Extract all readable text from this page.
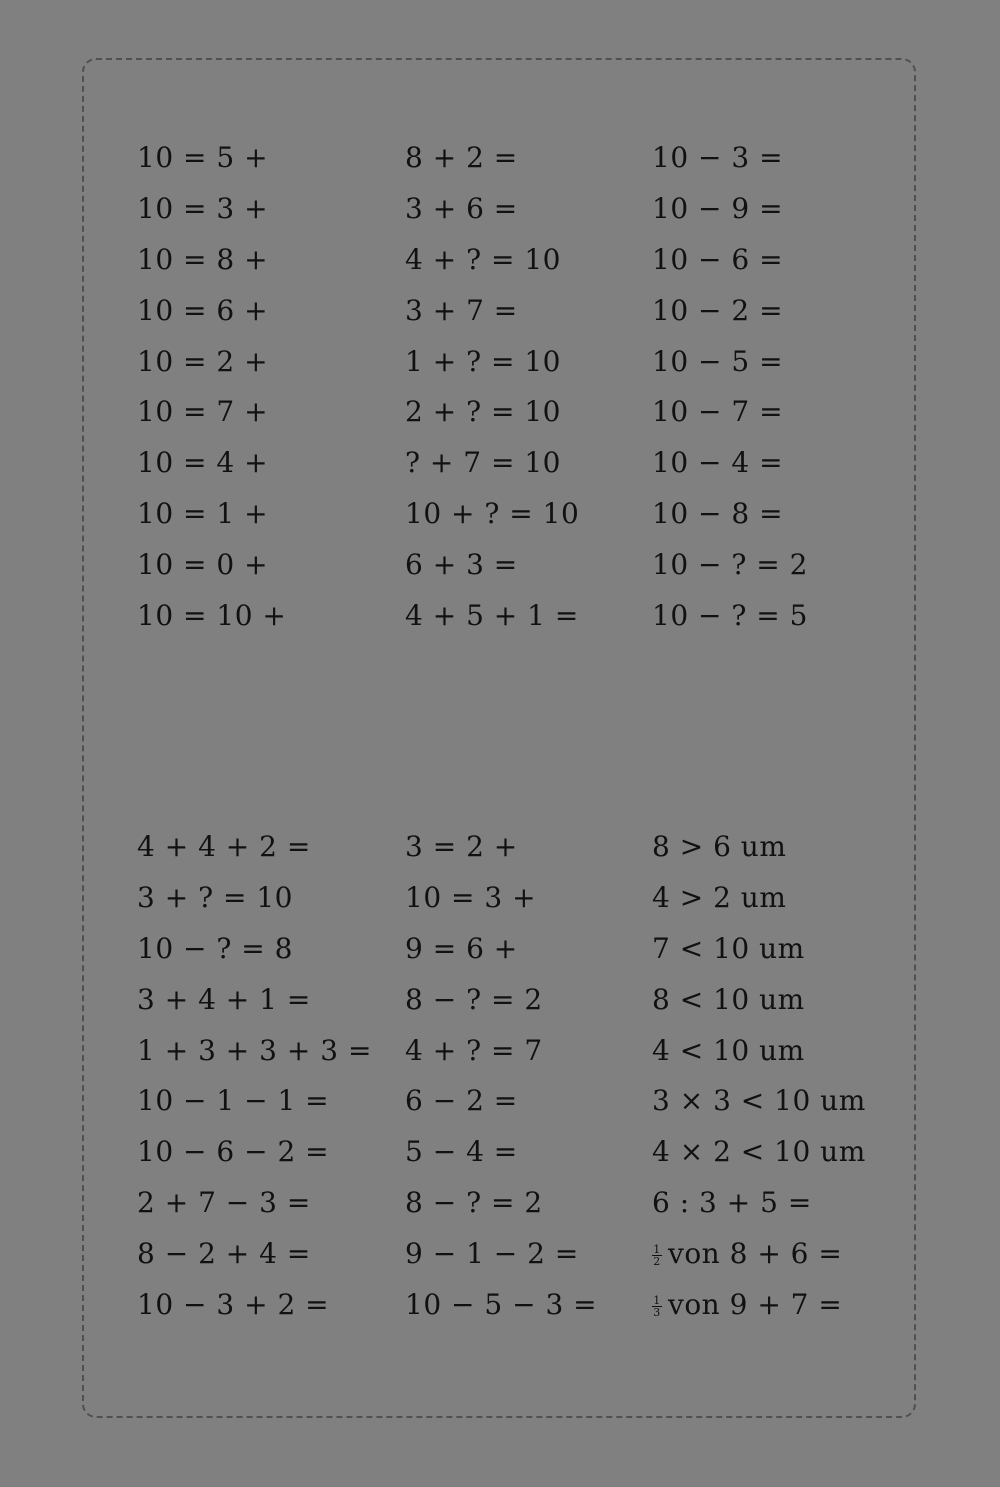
10 = 5 +
10 = 3 +
10 = 8 +
10 = 6 +
10 = 2 +
10 = 7 +
10 = 4 +
10 = 1 +
10 = 0 +
10 = 10 +
8 + 2 =
3 + 6 =
4 + ? = 10
3 + 7 =
1 + ? = 10
2 + ? = 10
? + 7 = 10
10 + ? = 10
6 + 3 =
4 + 5 + 1 =
10 − 3 =
10 − 9 =
10 − 6 =
10 − 2 =
10 − 5 =
10 − 7 =
10 − 4 =
10 − 8 =
10 − ? = 2
10 − ? = 5
4 + 4 + 2 =
3 + ? = 10
10 − ? = 8
3 + 4 + 1 =
1 + 3 + 3 + 3 =
10 − 1 − 1 =
10 − 6 − 2 =
2 + 7 − 3 =
8 − 2 + 4 =
10 − 3 + 2 =
3 = 2 +
10 = 3 +
9 = 6 +
8 − ? = 2
4 + ? = 7
6 − 2 =
5 − 4 =
8 − ? = 2
9 − 1 − 2 =
10 − 5 − 3 =
8 > 6 um
4 > 2 um
7 < 10 um
8 < 10 um
4 < 10 um
3 × 3 < 10 um
4 × 2 < 10 um
6 : 3 + 5 =
$\frac{1}{2}$ von 8 + 6 =
$\frac{1}{3}$ von 9 + 7 =
